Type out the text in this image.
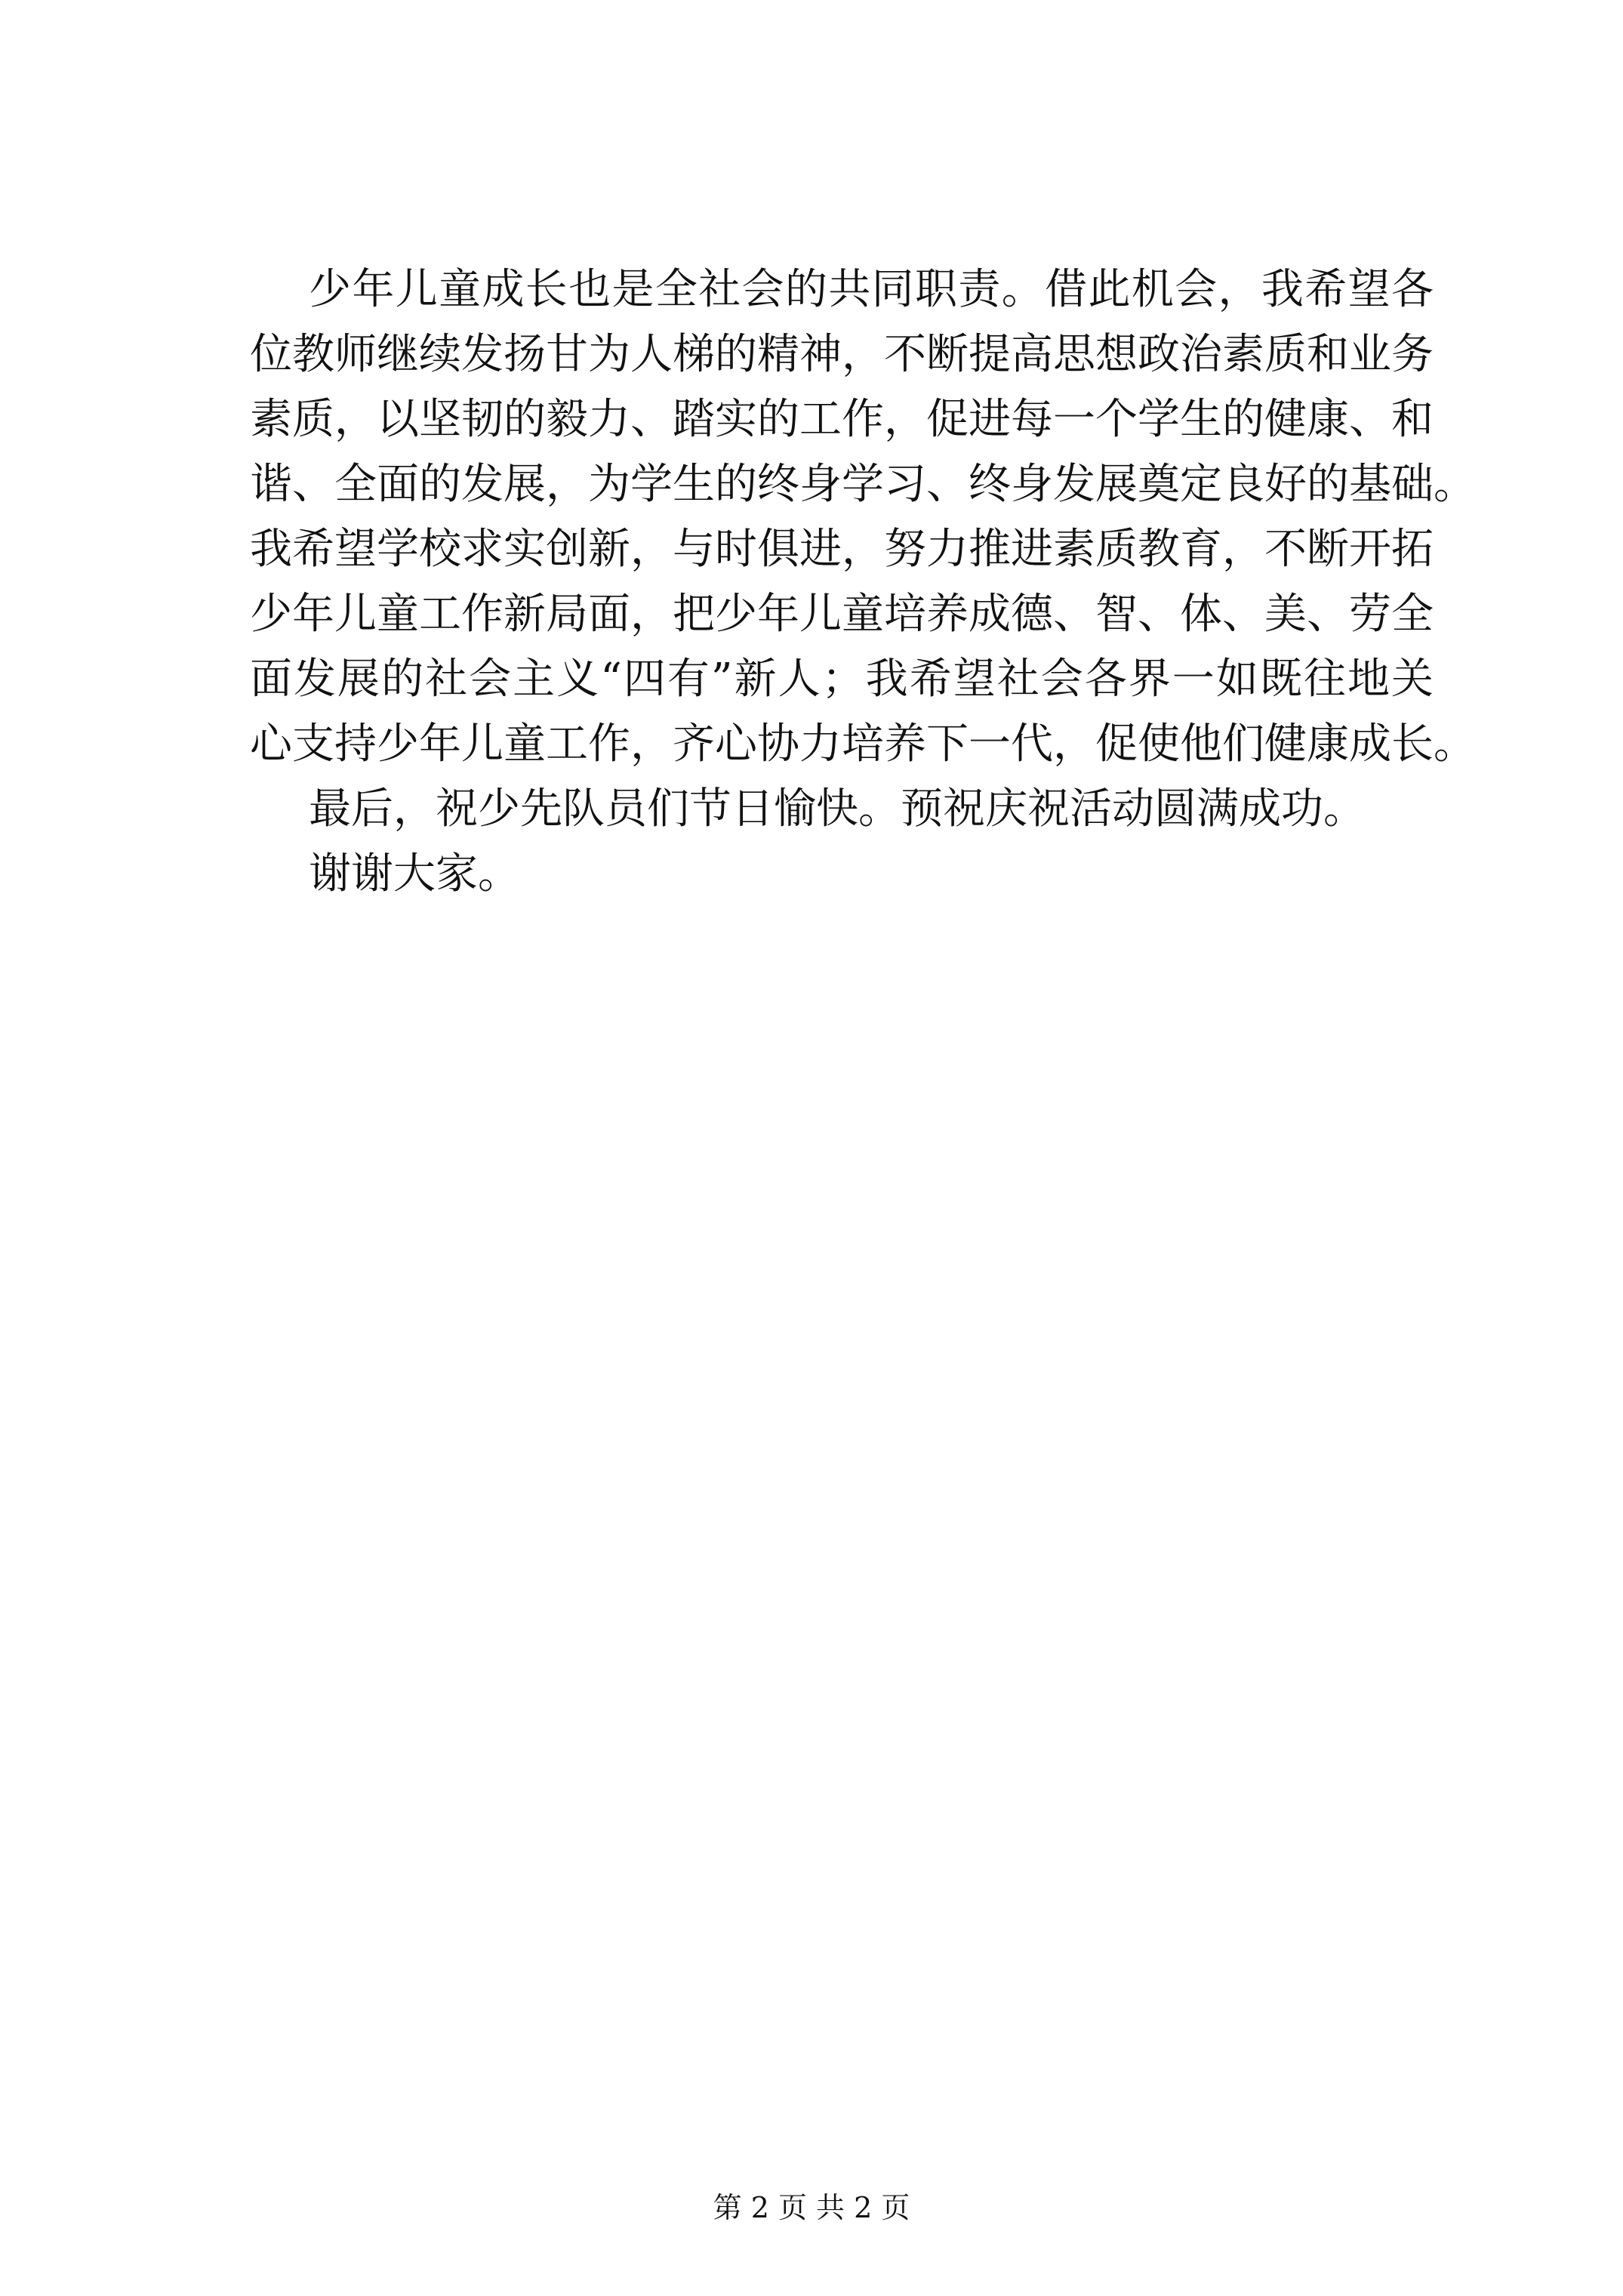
少年儿童成长也是全社会的共同职责。借此机会，我希望各
位教师继续发扬甘为人梯的精神，不断提高思想政治素质和业务
素质，以坚韧的毅力、踏实的工作，促进每一个学生的健康、和
谐、全面的发展，为学生的终身学习、终身发展奠定良好的基础。
我希望学校求实创新，与时俱进，努力推进素质教育，不断开拓
少年儿童工作新局面，把少年儿童培养成德、智、体、美、劳全
面发展的社会主义“四有”新人；我希望社会各界一如既往地关
心支持少年儿童工作，齐心协力培养下一代，促使他们健康成长。
最后，祝少先队员们节日愉快。预祝庆祝活动圆满成功。
谢谢大家。
第 2 页 共 2 页
